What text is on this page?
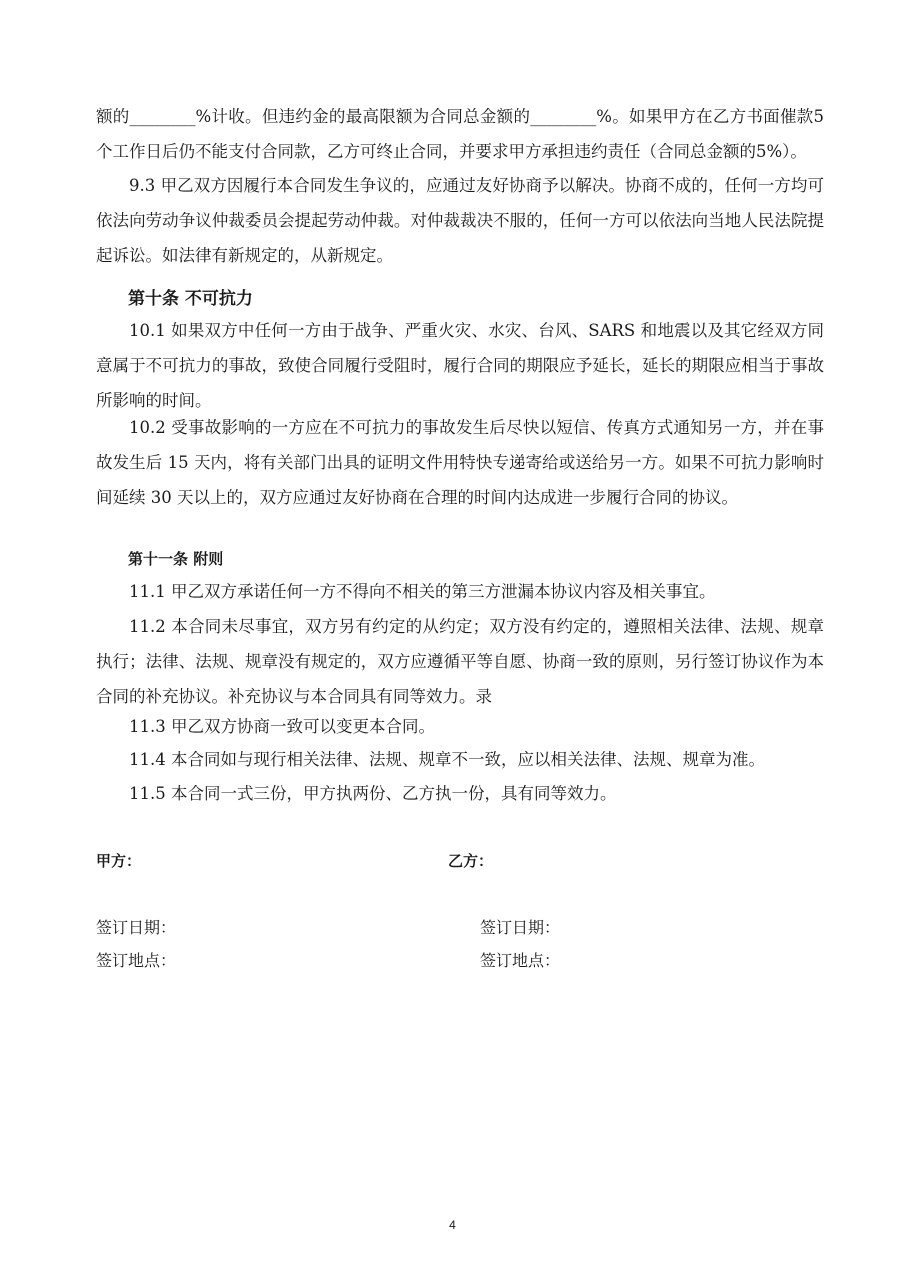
额的________%计收。但违约金的最高限额为合同总金额的________%。如果甲方在乙方书面催款5个工作日后仍不能支付合同款，乙方可终止合同，并要求甲方承担违约责任（合同总金额的5%）。

9.3 甲乙双方因履行本合同发生争议的，应通过友好协商予以解决。协商不成的，任何一方均可依法向劳动争议仲裁委员会提起劳动仲裁。对仲裁裁决不服的，任何一方可以依法向当地人民法院提起诉讼。如法律有新规定的，从新规定。

第十条 不可抗力

10.1 如果双方中任何一方由于战争、严重火灾、水灾、台风、SARS 和地震以及其它经双方同意属于不可抗力的事故，致使合同履行受阻时，履行合同的期限应予延长，延长的期限应相当于事故所影响的时间。

10.2 受事故影响的一方应在不可抗力的事故发生后尽快以短信、传真方式通知另一方，并在事故发生后 15 天内，将有关部门出具的证明文件用特快专递寄给或送给另一方。如果不可抗力影响时间延续 30 天以上的，双方应通过友好协商在合理的时间内达成进一步履行合同的协议。

第十一条 附则

11.1 甲乙双方承诺任何一方不得向不相关的第三方泄漏本协议内容及相关事宜。

11.2 本合同未尽事宜，双方另有约定的从约定；双方没有约定的，遵照相关法律、法规、规章执行；法律、法规、规章没有规定的，双方应遵循平等自愿、协商一致的原则，另行签订协议作为本合同的补充协议。补充协议与本合同具有同等效力。录

11.3 甲乙双方协商一致可以变更本合同。

11.4 本合同如与现行相关法律、法规、规章不一致，应以相关法律、法规、规章为准。

11.5 本合同一式三份，甲方执两份、乙方执一份，具有同等效力。

甲方：	乙方：

签订日期：	签订日期：

签订地点：	签订地点：

4
